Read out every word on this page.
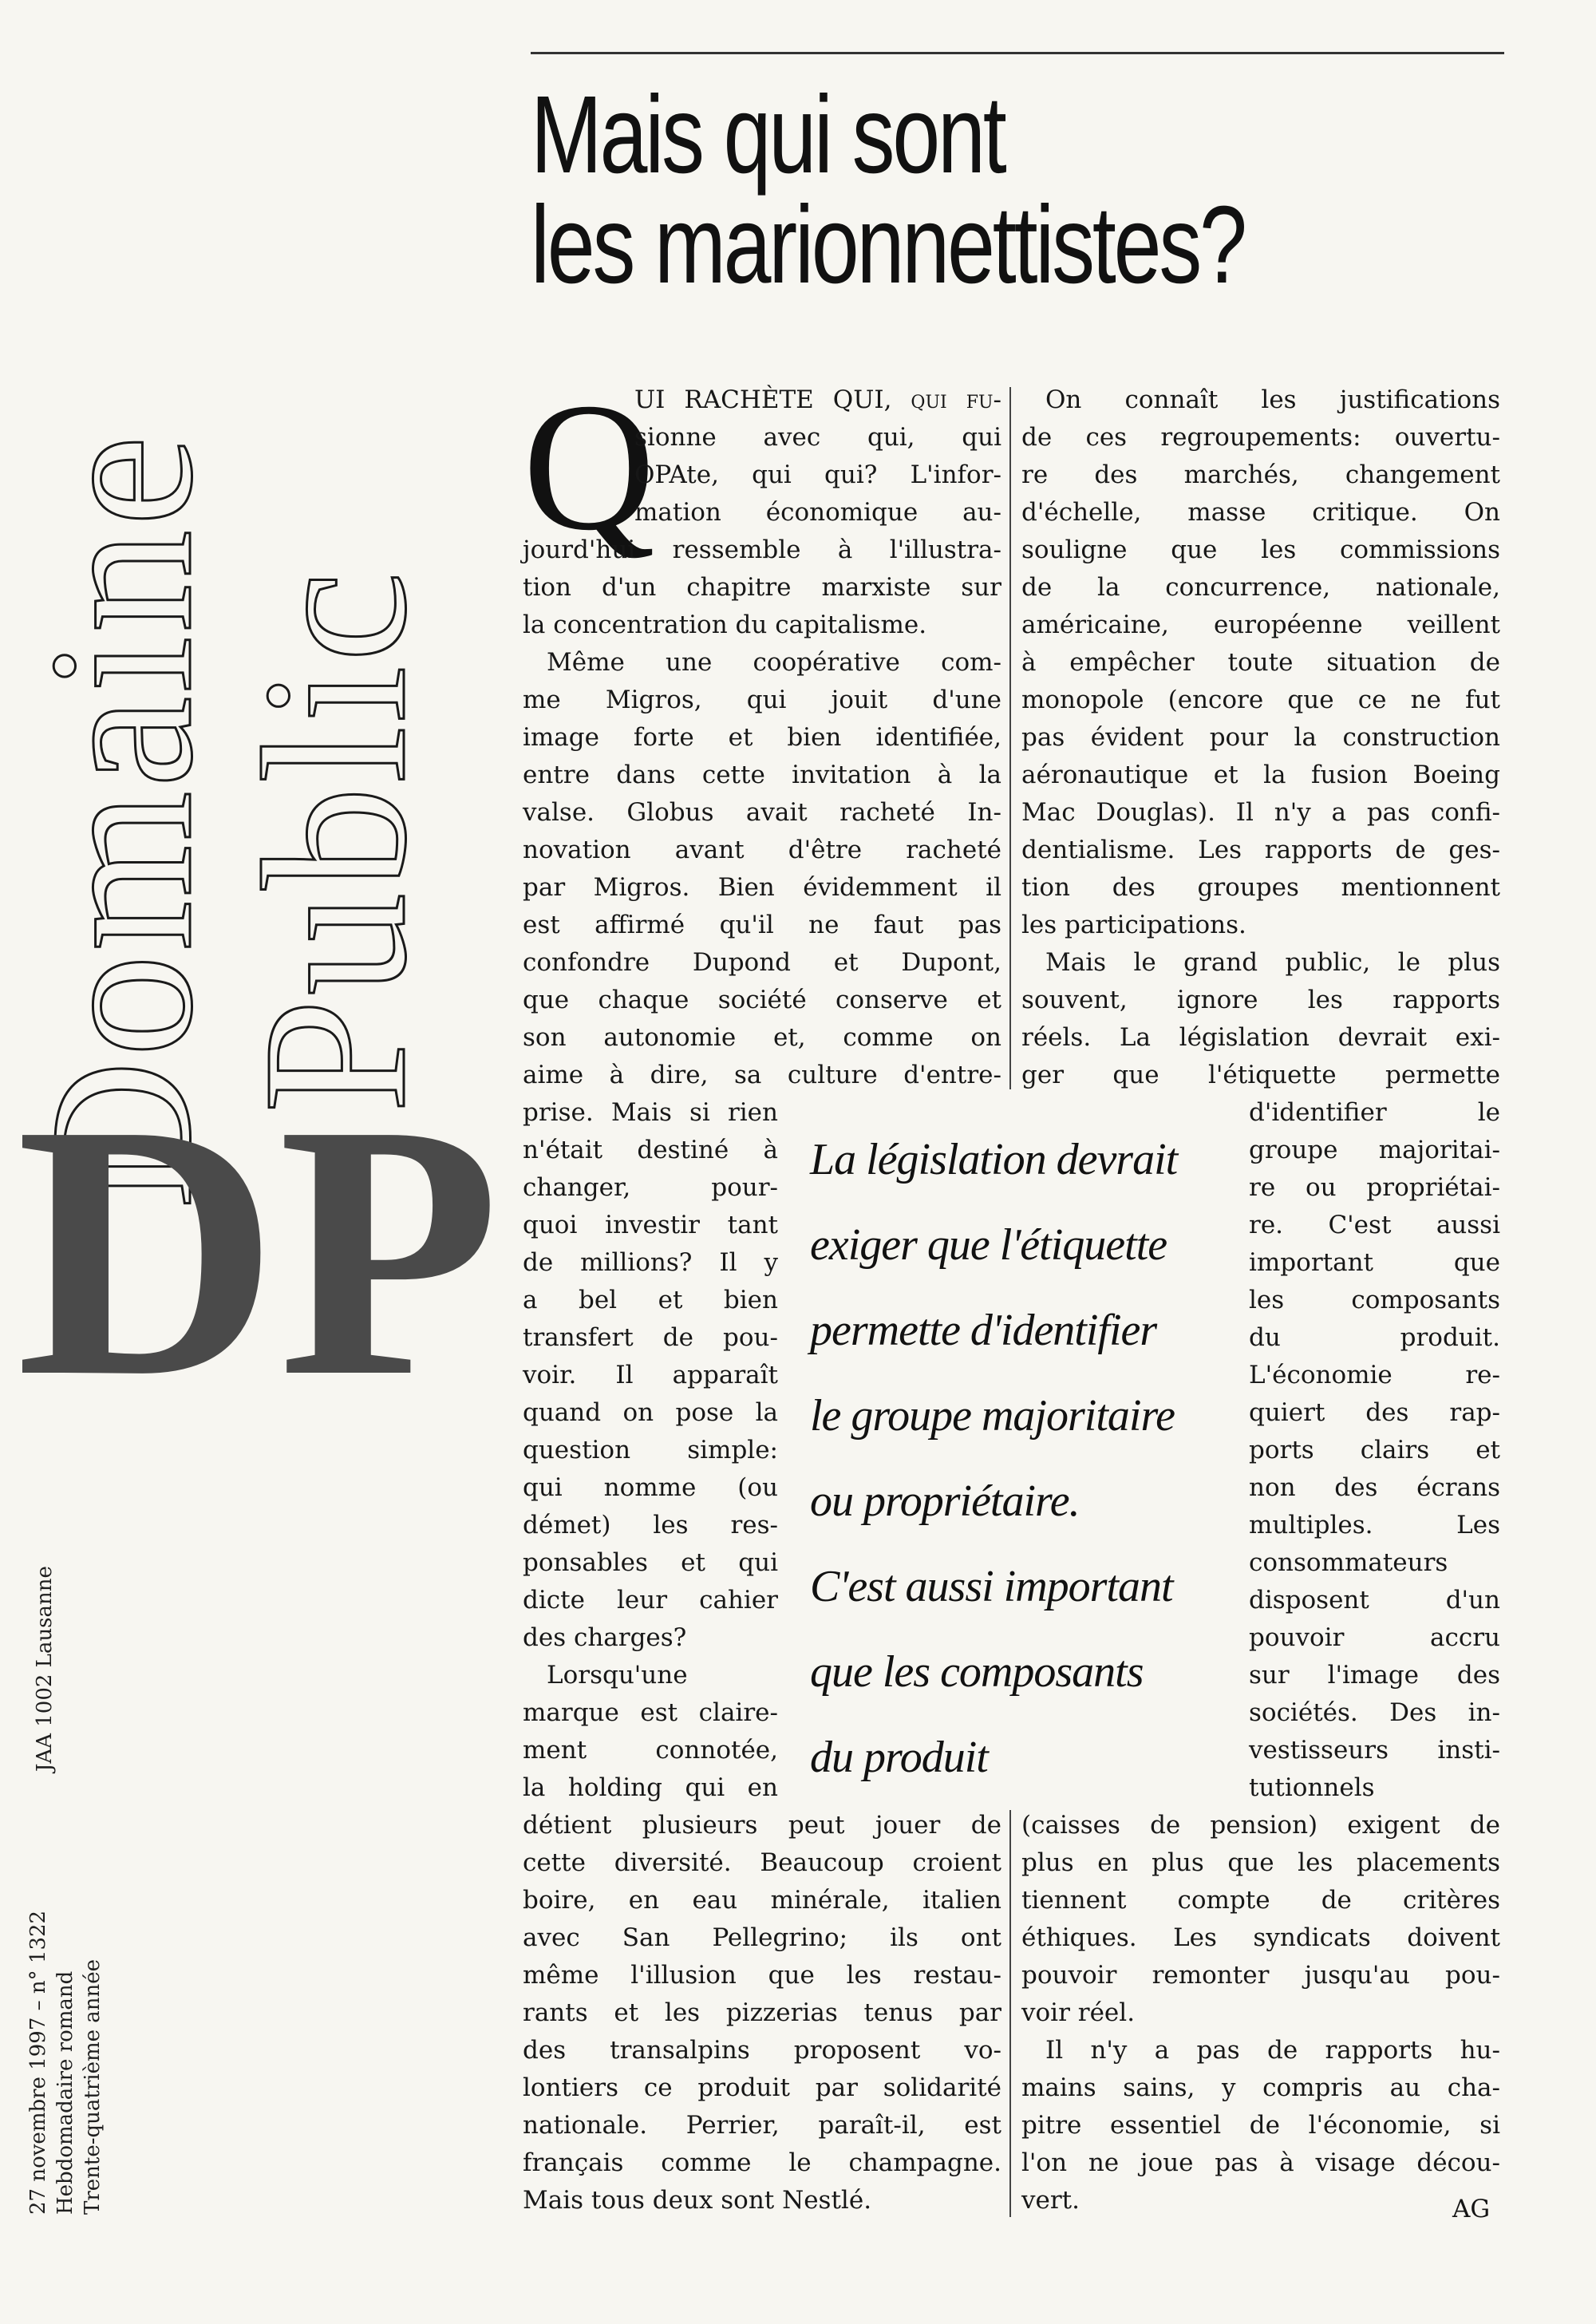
Domaine
Public
DP
JAA 1002 Lausanne
27 novembre 1997 – n° 1322 Hebdomadaire romand Trente-quatrième année
Mais qui sont
les marionnettistes?
Q
UI RACHÈTE QUI, qui fu-
sionne avec qui, qui
OPAte, qui qui? L'infor-
mation économique au-
jourd'hui ressemble à l'illustra-
tion d'un chapitre marxiste sur
la concentration du capitalisme.
Même une coopérative com-
me Migros, qui jouit d'une
image forte et bien identifiée,
entre dans cette invitation à la
valse. Globus avait racheté In-
novation avant d'être racheté
par Migros. Bien évidemment il
est affirmé qu'il ne faut pas
confondre Dupond et Dupont,
que chaque société conserve et
son autonomie et, comme on
aime à dire, sa culture d'entre-
prise. Mais si rien
n'était destiné à
changer, pour-
quoi investir tant
de millions? Il y
a bel et bien
transfert de pou-
voir. Il apparaît
quand on pose la
question simple:
qui nomme (ou
démet) les res-
ponsables et qui
dicte leur cahier
des charges?
Lorsqu'une
marque est claire-
ment connotée,
la holding qui en
détient plusieurs peut jouer de
cette diversité. Beaucoup croient
boire, en eau minérale, italien
avec San Pellegrino; ils ont
même l'illusion que les restau-
rants et les pizzerias tenus par
des transalpins proposent vo-
lontiers ce produit par solidarité
nationale. Perrier, paraît-il, est
français comme le champagne.
Mais tous deux sont Nestlé.
On connaît les justifications
de ces regroupements: ouvertu-
re des marchés, changement
d'échelle, masse critique. On
souligne que les commissions
de la concurrence, nationale,
américaine, européenne veillent
à empêcher toute situation de
monopole (encore que ce ne fut
pas évident pour la construction
aéronautique et la fusion Boeing
Mac Douglas). Il n'y a pas confi-
dentialisme. Les rapports de ges-
tion des groupes mentionnent
les participations.
Mais le grand public, le plus
souvent, ignore les rapports
réels. La législation devrait exi-
ger que l'étiquette permette
d'identifier le
groupe majoritai-
re ou propriétai-
re. C'est aussi
important que
les composants
du produit.
L'économie re-
quiert des rap-
ports clairs et
non des écrans
multiples. Les
consommateurs
disposent d'un
pouvoir accru
sur l'image des
sociétés. Des in-
vestisseurs insti-
tutionnels
(caisses de pension) exigent de
plus en plus que les placements
tiennent compte de critères
éthiques. Les syndicats doivent
pouvoir remonter jusqu'au pou-
voir réel.
Il n'y a pas de rapports hu-
mains sains, y compris au cha-
pitre essentiel de l'économie, si
l'on ne joue pas à visage décou-
vert.
La législation devrait
exiger que l'étiquette
permette d'identifier
le groupe majoritaire
ou propriétaire.
C'est aussi important
que les composants
du produit
AG
